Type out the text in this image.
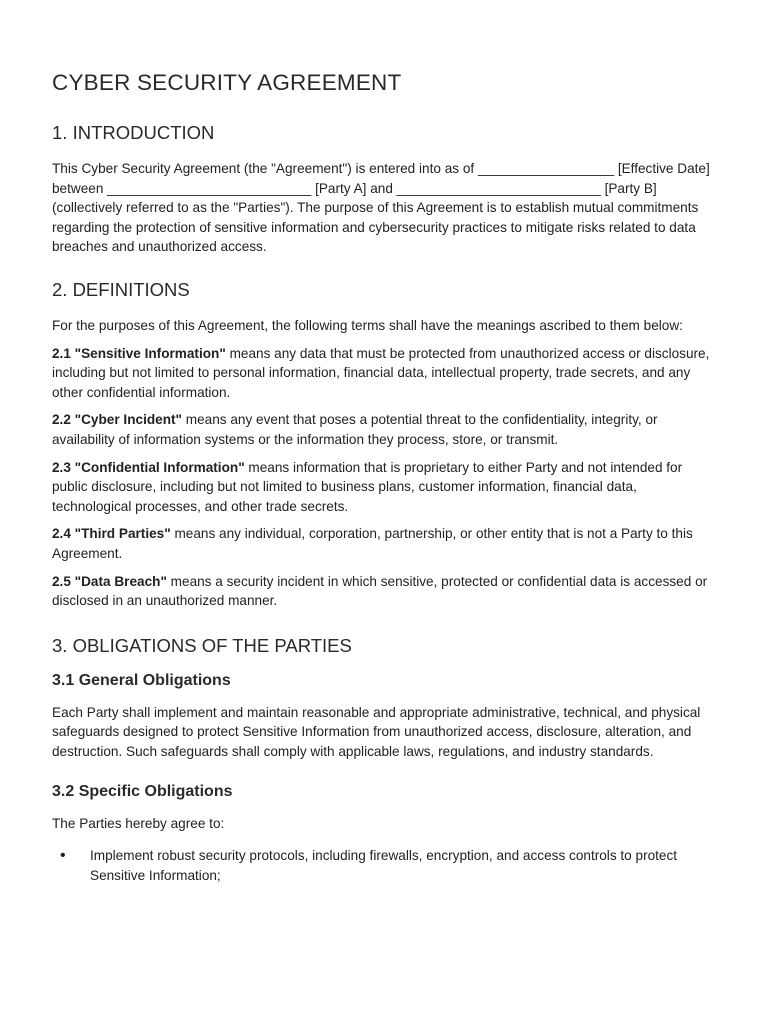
CYBER SECURITY AGREEMENT
1. INTRODUCTION

This Cyber Security Agreement (the "Agreement") is entered into as of __________________ [Effective Date] between ___________________________ [Party A] and ___________________________ [Party B] (collectively referred to as the "Parties"). The purpose of this Agreement is to establish mutual commitments regarding the protection of sensitive information and cybersecurity practices to mitigate risks related to data breaches and unauthorized access.

2. DEFINITIONS

For the purposes of this Agreement, the following terms shall have the meanings ascribed to them below:

2.1 "Sensitive Information" means any data that must be protected from unauthorized access or disclosure, including but not limited to personal information, financial data, intellectual property, trade secrets, and any other confidential information.

2.2 "Cyber Incident" means any event that poses a potential threat to the confidentiality, integrity, or availability of information systems or the information they process, store, or transmit.

2.3 "Confidential Information" means information that is proprietary to either Party and not intended for public disclosure, including but not limited to business plans, customer information, financial data, technological processes, and other trade secrets.

2.4 "Third Parties" means any individual, corporation, partnership, or other entity that is not a Party to this Agreement.

2.5 "Data Breach" means a security incident in which sensitive, protected or confidential data is accessed or disclosed in an unauthorized manner.

3. OBLIGATIONS OF THE PARTIES
3.1 General Obligations

Each Party shall implement and maintain reasonable and appropriate administrative, technical, and physical safeguards designed to protect Sensitive Information from unauthorized access, disclosure, alteration, and destruction. Such safeguards shall comply with applicable laws, regulations, and industry standards.

3.2 Specific Obligations

The Parties hereby agree to:

• Implement robust security protocols, including firewalls, encryption, and access controls to protect Sensitive Information;
